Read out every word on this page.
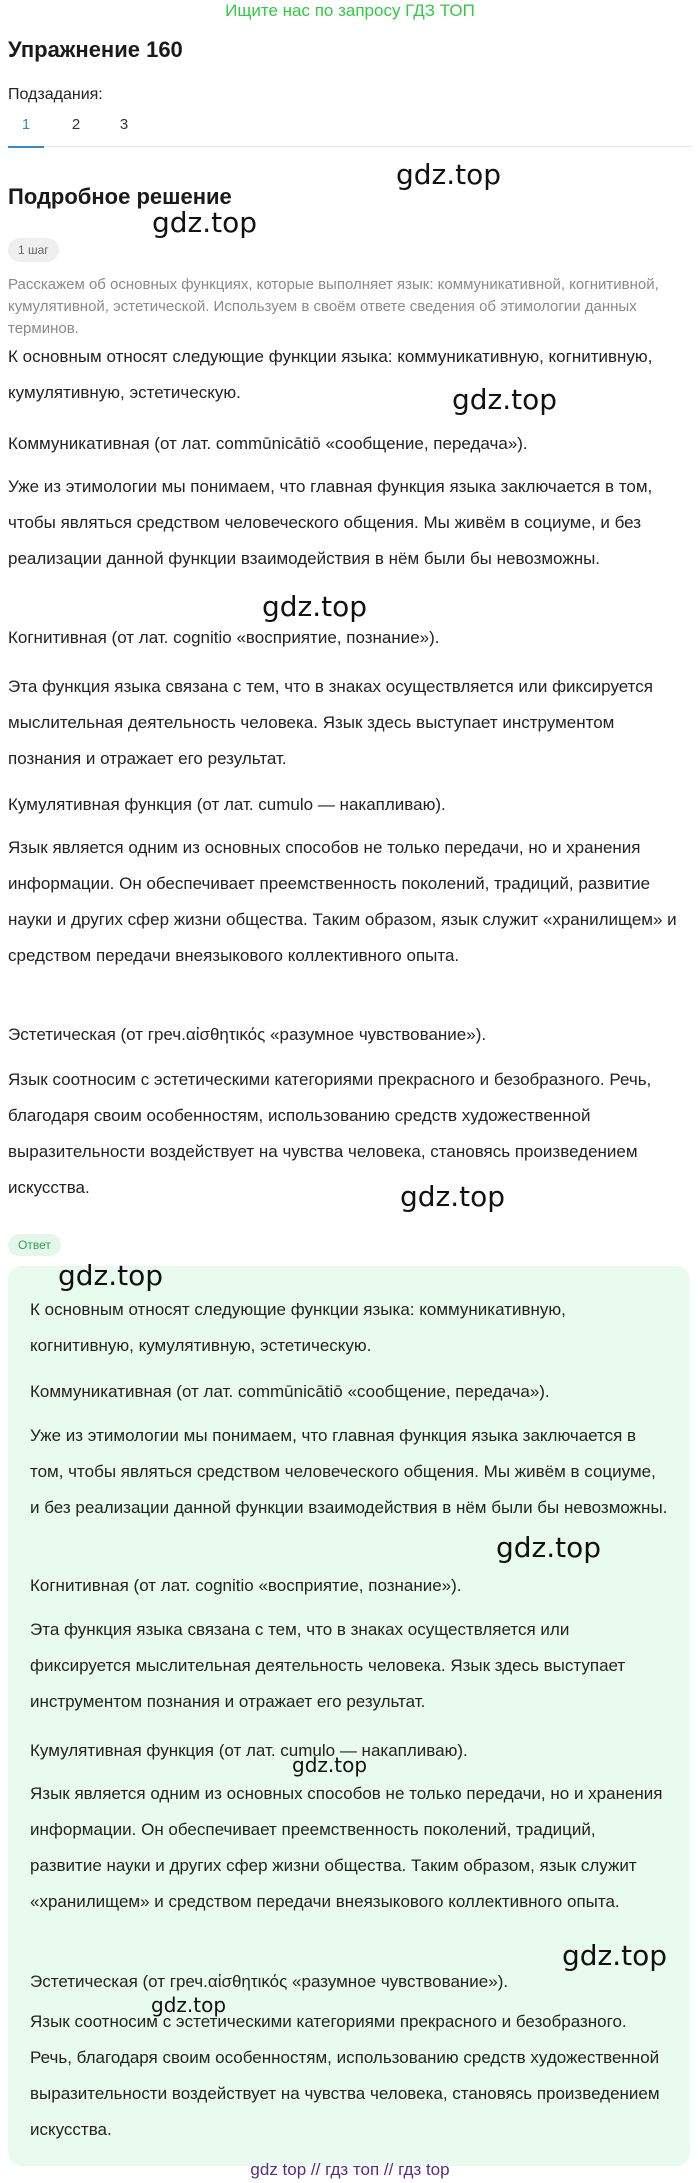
Ищите нас по запросу ГДЗ ТОП
Упражнение 160
Подзадания:
1	2	3
Подробное решение
1 шаг

Расскажем об основных функциях, которые выполняет язык: коммуникативной, когнитивной, кумулятивной, эстетической. Используем в своём ответе сведения об этимологии данных терминов.

К основным относят следующие функции языка: коммуникативную, когнитивную, кумулятивную, эстетическую.

Коммуникативная (от лат. commūnicātiō «сообщение, передача»).

Уже из этимологии мы понимаем, что главная функция языка заключается в том, чтобы являться средством человеческого общения. Мы живём в социуме, и без реализации данной функции взаимодействия в нём были бы невозможны.

Когнитивная (от лат. cognitio «восприятие, познание»).

Эта функция языка связана с тем, что в знаках осуществляется или фиксируется мыслительная деятельность человека. Язык здесь выступает инструментом познания и отражает его результат.

Кумулятивная функция (от лат. cumulo — накапливаю).

Язык является одним из основных способов не только передачи, но и хранения информации. Он обеспечивает преемственность поколений, традиций, развитие науки и других сфер жизни общества. Таким образом, язык служит «хранилищем» и средством передачи внеязыкового коллективного опыта.

Эстетическая (от греч.αἰσθητικός «разумное чувствование»).

Язык соотносим с эстетическими категориями прекрасного и безобразного. Речь, благодаря своим особенностям, использованию средств художественной выразительности воздействует на чувства человека, становясь произведением искусства.

Ответ

К основным относят следующие функции языка: коммуникативную, когнитивную, кумулятивную, эстетическую.

Коммуникативная (от лат. commūnicātiō «сообщение, передача»).

Уже из этимологии мы понимаем, что главная функция языка заключается в том, чтобы являться средством человеческого общения. Мы живём в социуме, и без реализации данной функции взаимодействия в нём были бы невозможны.

Когнитивная (от лат. cognitio «восприятие, познание»).

Эта функция языка связана с тем, что в знаках осуществляется или фиксируется мыслительная деятельность человека. Язык здесь выступает инструментом познания и отражает его результат.

Кумулятивная функция (от лат. cumulo — накапливаю).

Язык является одним из основных способов не только передачи, но и хранения информации. Он обеспечивает преемственность поколений, традиций, развитие науки и других сфер жизни общества. Таким образом, язык служит «хранилищем» и средством передачи внеязыкового коллективного опыта.

Эстетическая (от греч.αἰσθητικός «разумное чувствование»).

Язык соотносим с эстетическими категориями прекрасного и безобразного. Речь, благодаря своим особенностям, использованию средств художественной выразительности воздействует на чувства человека, становясь произведением искусства.

gdz.top
gdz.top
gdz.top
gdz.top
gdz.top
gdz.top
gdz.top
gdz.top
gdz.top
gdz.top
gdz top // гдз топ // гдз top
